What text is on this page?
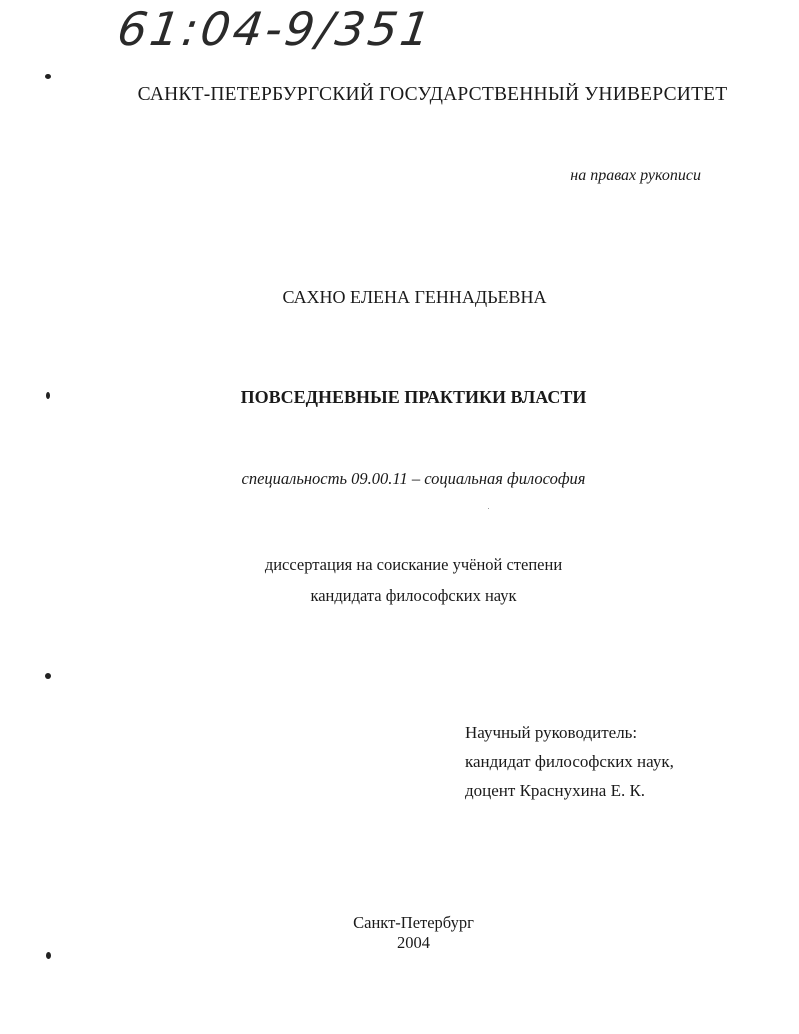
61:04-9/351
САНКТ-ПЕТЕРБУРГСКИЙ ГОСУДАРСТВЕННЫЙ УНИВЕРСИТЕТ
на правах рукописи
САХНО ЕЛЕНА ГЕННАДЬЕВНА
ПОВСЕДНЕВНЫЕ ПРАКТИКИ ВЛАСТИ
специальность 09.00.11 – социальная философия
диссертация на соискание учёной степени
кандидата философских наук
Научный руководитель:
кандидат философских наук,
доцент Краснухина Е. К.
Санкт-Петербург
2004
